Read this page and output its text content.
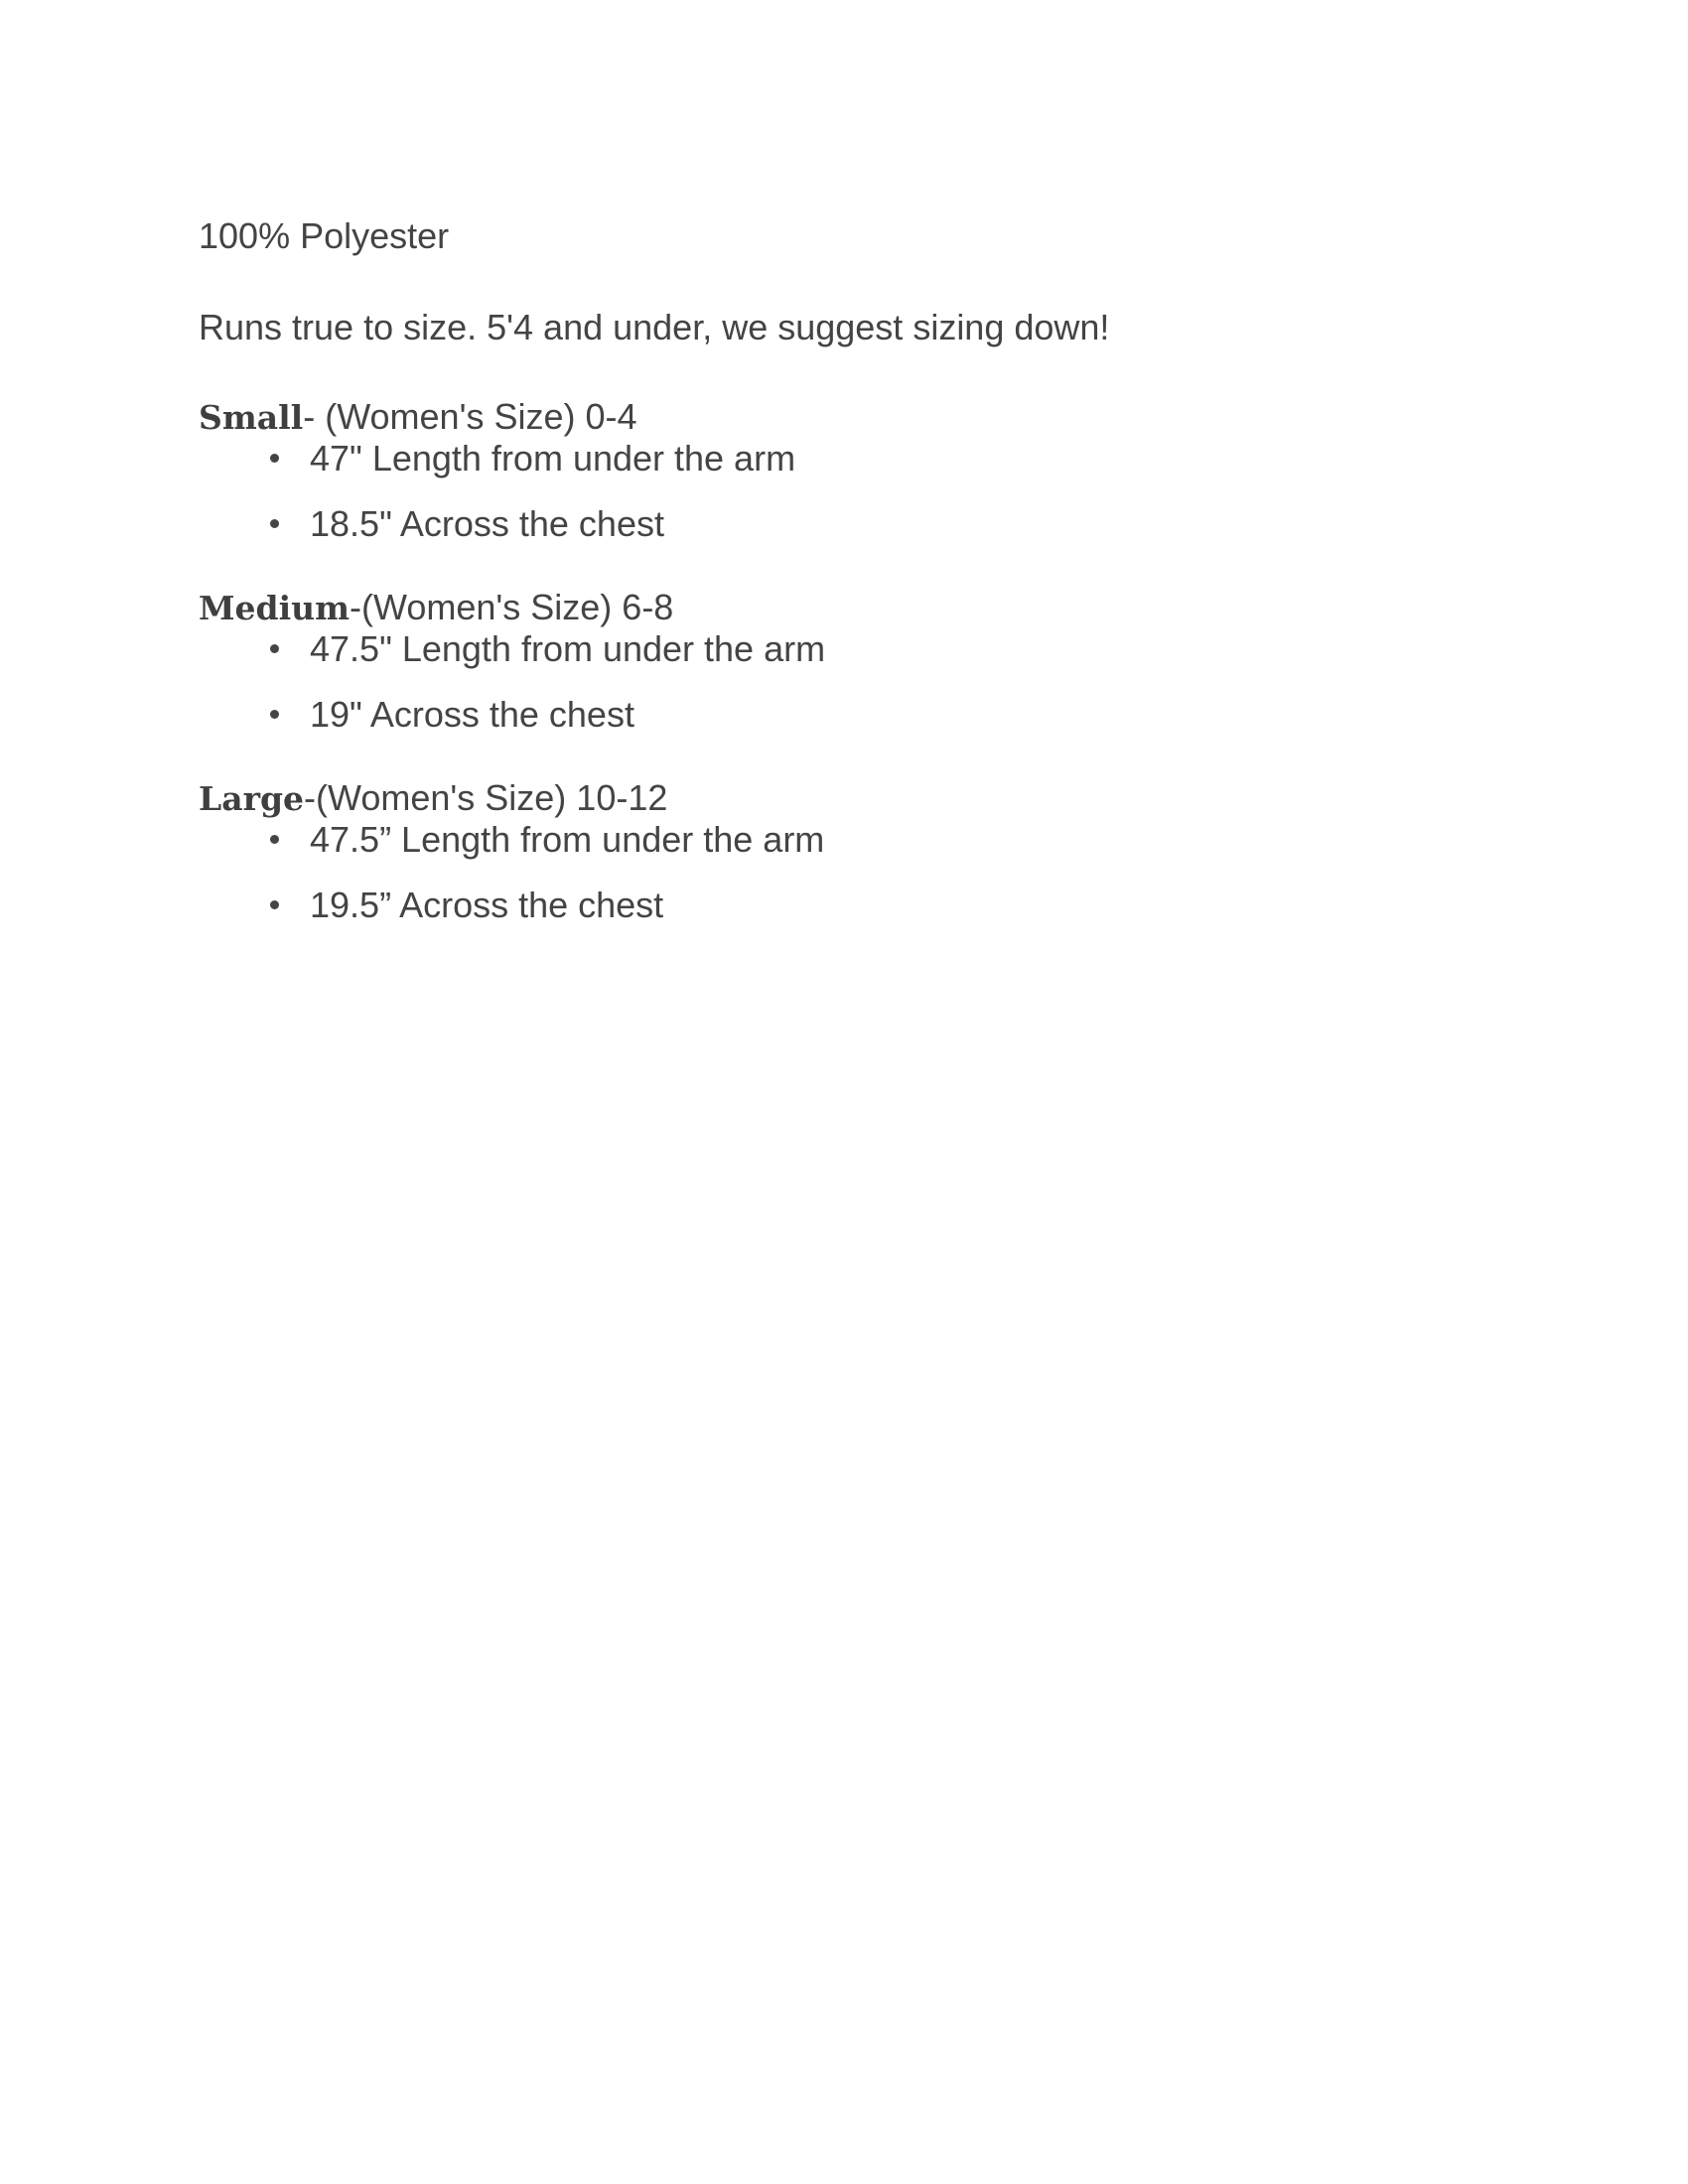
100% Polyester
Runs true to size. 5'4 and under, we suggest sizing down!
Small- (Women's Size) 0-4
47" Length from under the arm
18.5" Across the chest
Medium-(Women's Size) 6-8
47.5" Length from under the arm
19" Across the chest
Large-(Women's Size) 10-12
47.5” Length from under the arm
19.5” Across the chest
